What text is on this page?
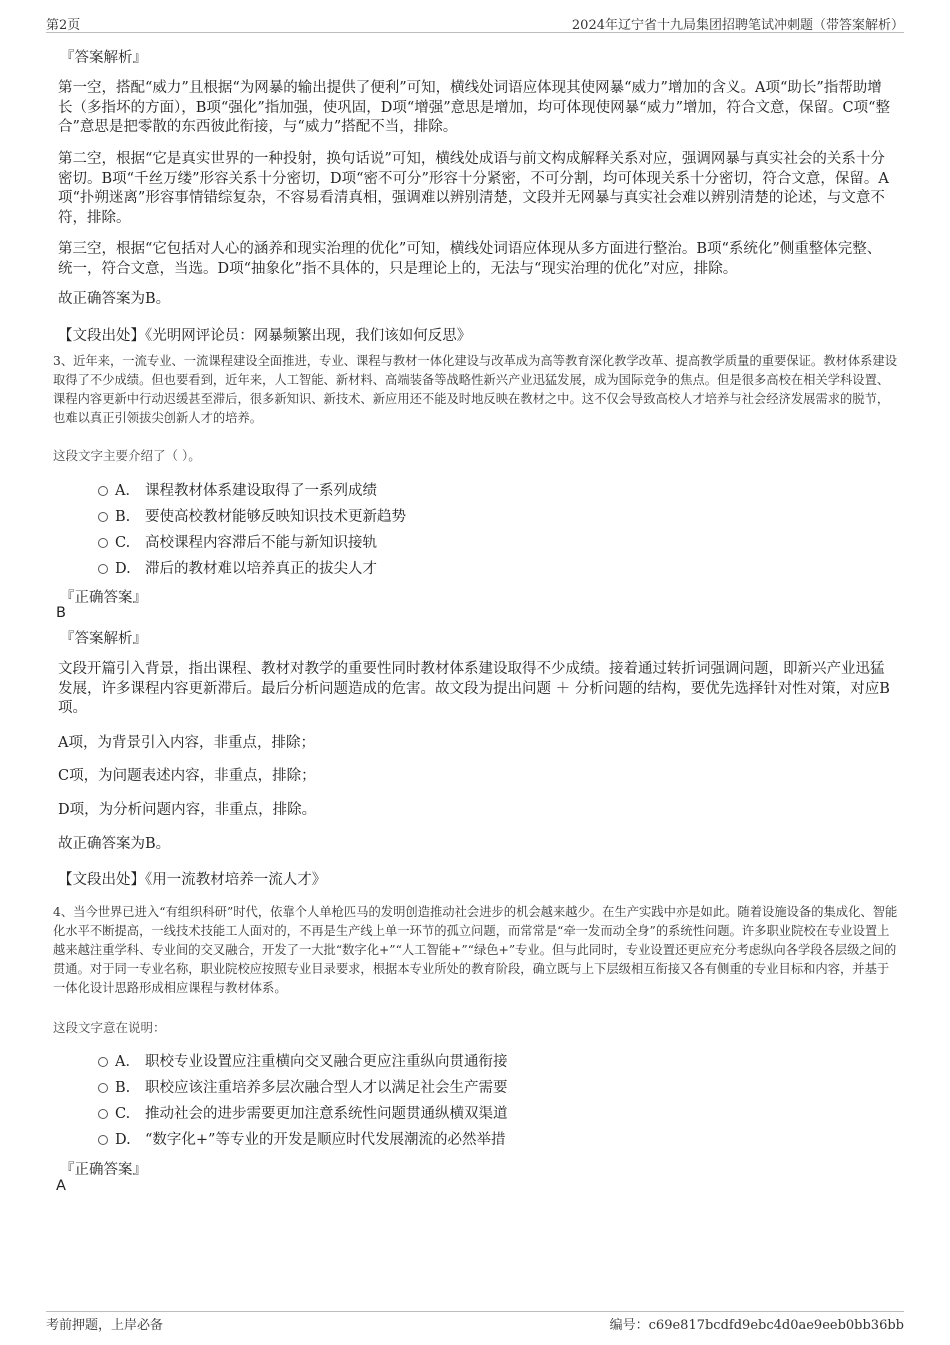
第2页	2024年辽宁省十九局集团招聘笔试冲刺题（带答案解析）
『答案解析』
第一空，搭配“威力”且根据“为网暴的输出提供了便利”可知，横线处词语应体现其使网暴“威力”增加的含义。A项“助长”指帮助增长（多指坏的方面），B项“强化”指加强，使巩固，D项“增强”意思是增加，均可体现使网暴“威力”增加，符合文意，保留。C项“整合”意思是把零散的东西彼此衔接，与“威力”搭配不当，排除。
第二空，根据“它是真实世界的一种投射，换句话说”可知，横线处成语与前文构成解释关系对应，强调网暴与真实社会的关系十分密切。B项“千丝万缕”形容关系十分密切，D项“密不可分”形容十分紧密，不可分割，均可体现关系十分密切，符合文意，保留。A项“扑朔迷离”形容事情错综复杂，不容易看清真相，强调难以辨别清楚，文段并无网暴与真实社会难以辨别清楚的论述，与文意不符，排除。
第三空，根据“它包括对人心的涵养和现实治理的优化”可知，横线处词语应体现从多方面进行整治。B项“系统化”侧重整体完整、统一，符合文意，当选。D项“抽象化”指不具体的，只是理论上的，无法与“现实治理的优化”对应，排除。
故正确答案为B。
【文段出处】《光明网评论员：网暴频繁出现，我们该如何反思》
3、近年来，一流专业、一流课程建设全面推进，专业、课程与教材一体化建设与改革成为高等教育深化教学改革、提高教学质量的重要保证。教材体系建设取得了不少成绩。但也要看到，近年来，人工智能、新材料、高端装备等战略性新兴产业迅猛发展，成为国际竞争的焦点。但是很多高校在相关学科设置、课程内容更新中行动迟缓甚至滞后，很多新知识、新技术、新应用还不能及时地反映在教材之中。这不仅会导致高校人才培养与社会经济发展需求的脱节，也难以真正引领拔尖创新人才的培养。
这段文字主要介绍了（ ）。
A． 课程教材体系建设取得了一系列成绩
B. 要使高校教材能够反映知识技术更新趋势
C. 高校课程内容滞后不能与新知识接轨
D. 滞后的教材难以培养真正的拔尖人才
『正确答案』
B
『答案解析』
文段开篇引入背景，指出课程、教材对教学的重要性同时教材体系建设取得不少成绩。接着通过转折词强调问题，即新兴产业迅猛发展，许多课程内容更新滞后。最后分析问题造成的危害。故文段为提出问题 ＋ 分析问题的结构，要优先选择针对性对策，对应B项。
A项，为背景引入内容，非重点，排除；
C项，为问题表述内容，非重点，排除；
D项，为分析问题内容，非重点，排除。
故正确答案为B。
【文段出处】《用一流教材培养一流人才》
4、当今世界已进入“有组织科研”时代，依靠个人单枪匹马的发明创造推动社会进步的机会越来越少。在生产实践中亦是如此。随着设施设备的集成化、智能化水平不断提高，一线技术技能工人面对的，不再是生产线上单一环节的孤立问题，而常常是“牵一发而动全身”的系统性问题。许多职业院校在专业设置上越来越注重学科、专业间的交叉融合，开发了一大批“数字化+”“人工智能+”“绿色+”专业。但与此同时，专业设置还更应充分考虑纵向各学段各层级之间的贯通。对于同一专业名称，职业院校应按照专业目录要求，根据本专业所处的教育阶段，确立既与上下层级相互衔接又各有侧重的专业目标和内容，并基于一体化设计思路形成相应课程与教材体系。
这段文字意在说明：
A． 职校专业设置应注重横向交叉融合更应注重纵向贯通衔接
B. 职校应该注重培养多层次融合型人才以满足社会生产需要
C. 推动社会的进步需要更加注意系统性问题贯通纵横双渠道
D. “数字化+”等专业的开发是顺应时代发展潮流的必然举措
『正确答案』
A
考前押题，上岸必备	编号：c69e817bcdfd9ebc4d0ae9eeb0bb36bb
